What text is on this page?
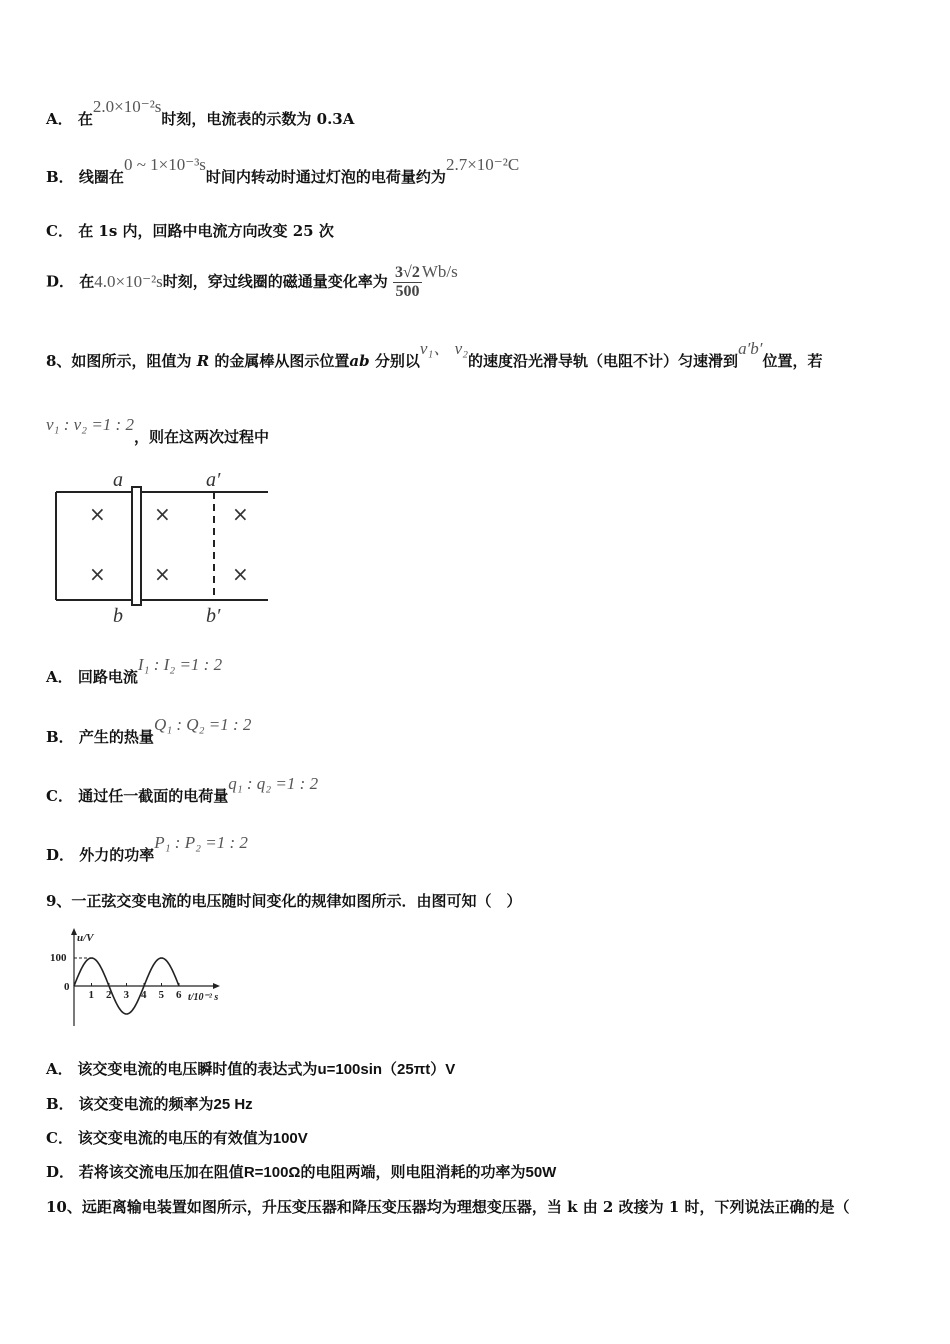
A． 在2.0×10⁻²s时刻，电流表的示数为 0.3A
B． 线圈在0 ~ 1×10⁻³s时间内转动时通过灯泡的电荷量约为2.7×10⁻²C
C． 在 1s 内，回路中电流方向改变 25 次
D． 在4.0×10⁻²s时刻，穿过线圈的磁通量变化率为 $\frac{3√2}{500} Wb/s$
8、如图所示，阻值为 R 的金属棒从图示位置ab 分别以v₁、 v₂的速度沿光滑导轨（电阻不计）匀速滑到a′b′位置，若
v₁ : v₂ =1 : 2，则在这两次过程中
× ×	×
× ×	×
a	a′
b	b′
A． 回路电流I₁ : I₂ =1 : 2
B． 产生的热量Q₁ : Q₂ =1 : 2
C． 通过任一截面的电荷量q₁ : q₂ =1 : 2
D． 外力的功率P₁ : P₂ =1 : 2
9、一正弦交变电流的电压随时间变化的规律如图所示．由图可知（　）
u/V
100
0
t/10⁻² s
1 2 3 4 5 6
A． 该交变电流的电压瞬时值的表达式为u=100sin（25πt）V
B． 该交变电流的频率为25 Hz
C． 该交变电流的电压的有效值为100V
D． 若将该交流电压加在阻值R=100Ω的电阻两端，则电阻消耗的功率为50W
10、远距离输电装置如图所示，升压变压器和降压变压器均为理想变压器，当 k 由 2 改接为 1 时，下列说法正确的是（
